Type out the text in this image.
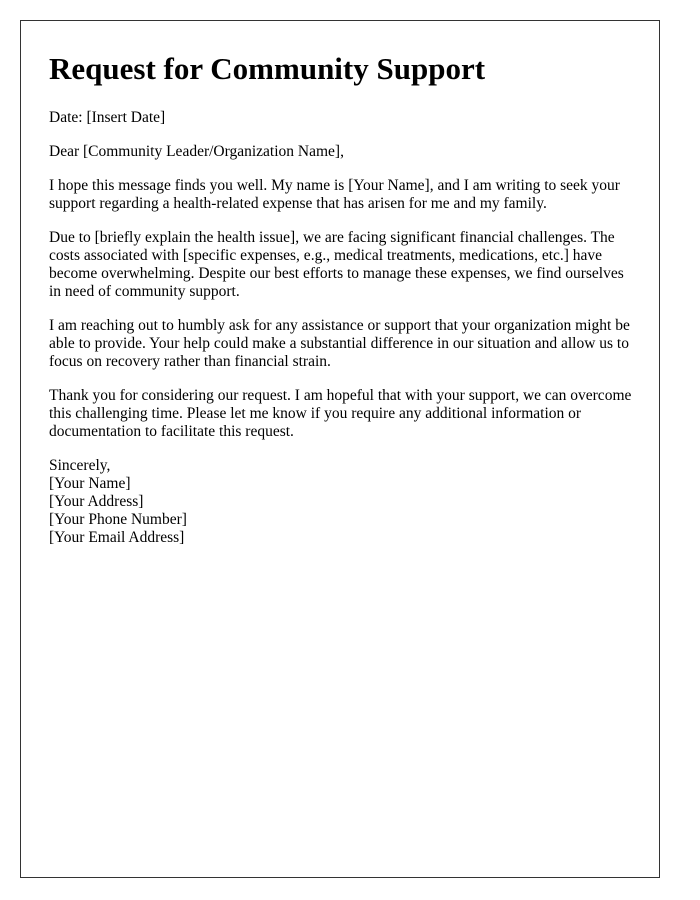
Request for Community Support

Date: [Insert Date]

Dear [Community Leader/Organization Name],

I hope this message finds you well. My name is [Your Name], and I am writing to seek your support regarding a health-related expense that has arisen for me and my family.

Due to [briefly explain the health issue], we are facing significant financial challenges. The costs associated with [specific expenses, e.g., medical treatments, medications, etc.] have become overwhelming. Despite our best efforts to manage these expenses, we find ourselves in need of community support.

I am reaching out to humbly ask for any assistance or support that your organization might be able to provide. Your help could make a substantial difference in our situation and allow us to focus on recovery rather than financial strain.

Thank you for considering our request. I am hopeful that with your support, we can overcome this challenging time. Please let me know if you require any additional information or documentation to facilitate this request.

Sincerely,
[Your Name]
[Your Address]
[Your Phone Number]
[Your Email Address]
